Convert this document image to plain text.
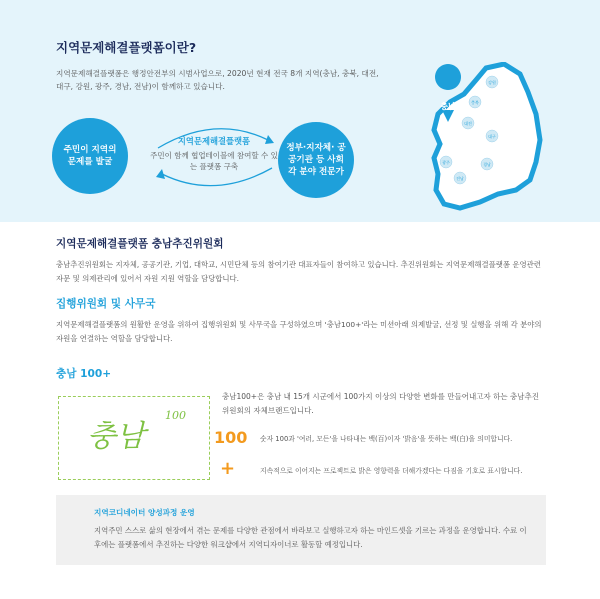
지역문제해결플랫폼이란?
지역문제해결플랫폼은 행정안전부의 시범사업으로, 2020년 현재 전국 8개 지역(충남, 충북, 대전, 대구, 강원, 광주, 경남, 전남)이 함께하고 있습니다.
주민이 지역의 문제를 발굴
지역문제해결플랫폼
주민이 함께 협업테이블에 참여할 수 있는 플랫폼 구축
정부·지자체· 공공기관 등 사회 각 분야 전문가
충남
강원
충북
대전
대구
경남
광주
전남
지역문제해결플랫폼 충남추진위원회
충남추진위원회는 지자체, 공공기관, 기업, 대학교, 시민단체 등의 참여기관 대표자들이 참여하고 있습니다. 추진위원회는 지역문제해결플랫폼 운영관련 자문 및 의제관리에 있어서 자원 지원 역할을 담당합니다.
집행위원회 및 사무국
지역문제해결플랫폼의 원활한 운영을 위하여 집행위원회 및 사무국을 구성하였으며 '충남100+'라는 미션아래 의제발굴, 선정 및 실행을 위해 각 분야의 자원을 연결하는 역할을 담당합니다.
충남 100+
충남
100
충남100+은 충남 내 15개 시군에서 100가지 이상의 다양한 변화를 만들어내고자 하는 충남추진위원회의 자체브랜드입니다.
100 숫자 100과 '여러, 모든'을 나타내는 백(百)이자 '밝음'을 뜻하는 백(白)을 의미합니다.
+	지속적으로 이어지는 프로젝트로 밝은 영향력을 더해가겠다는 다짐을 기호로 표시합니다.
지역코디네이터 양성과정 운영
지역주민 스스로 삶의 현장에서 겪는 문제를 다양한 관점에서 바라보고 실행하고자 하는 마인드셋을 기르는 과정을 운영합니다. 수료 이후에는 플랫폼에서 추진하는 다양한 워크샵에서 지역디자이너로 활동할 예정입니다.
